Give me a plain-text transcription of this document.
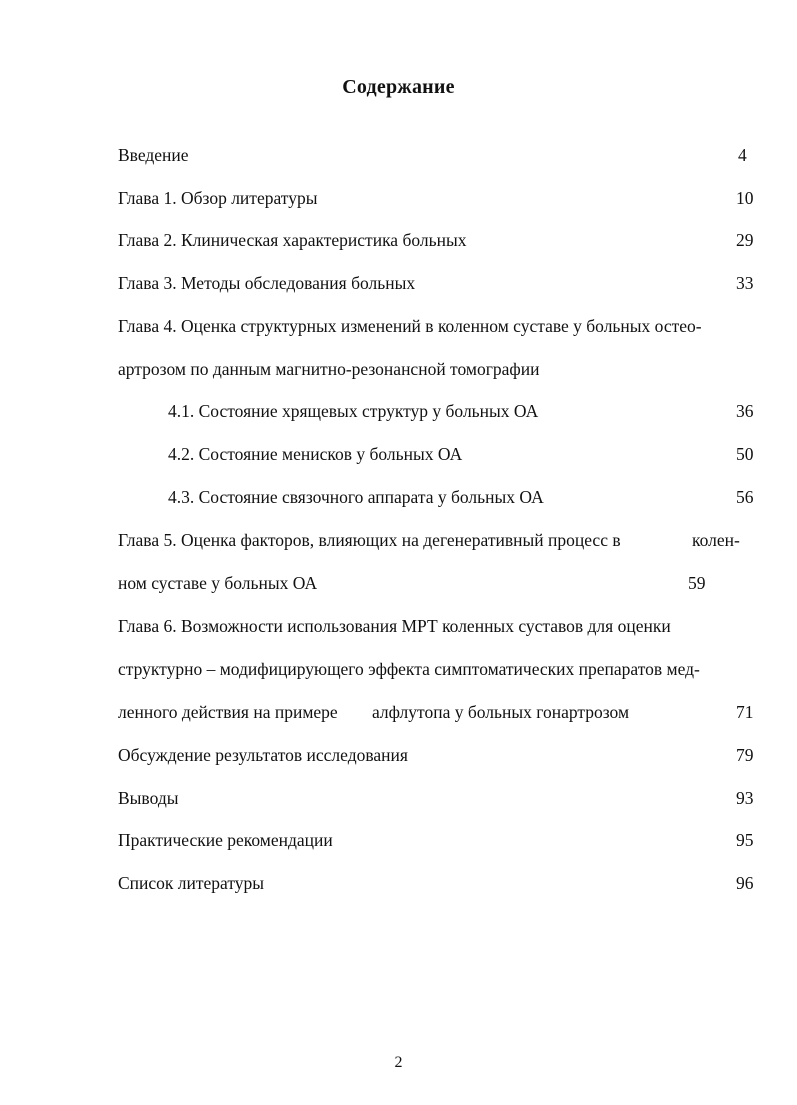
Содержание
Введение	4
Глава 1. Обзор литературы	10
Глава 2. Клиническая характеристика больных	29
Глава 3. Методы обследования больных	33
Глава 4. Оценка структурных изменений в коленном суставе у больных остео-
артрозом по данным магнитно-резонансной томографии
4.1. Состояние хрящевых структур у больных ОА	36
4.2. Состояние менисков у больных ОА	50
4.3. Состояние связочного аппарата у больных ОА	56
Глава 5. Оценка факторов, влияющих на дегенеративный процесс в	колен-
ном суставе у больных ОА	59
Глава 6. Возможности использования МРТ коленных суставов для оценки
структурно – модифицирующего эффекта симптоматических препаратов мед-
ленного действия на примере алфлутопа у больных гонартрозом	71
Обсуждение результатов исследования	79
Выводы	93
Практические рекомендации	95
Список литературы	96
2
